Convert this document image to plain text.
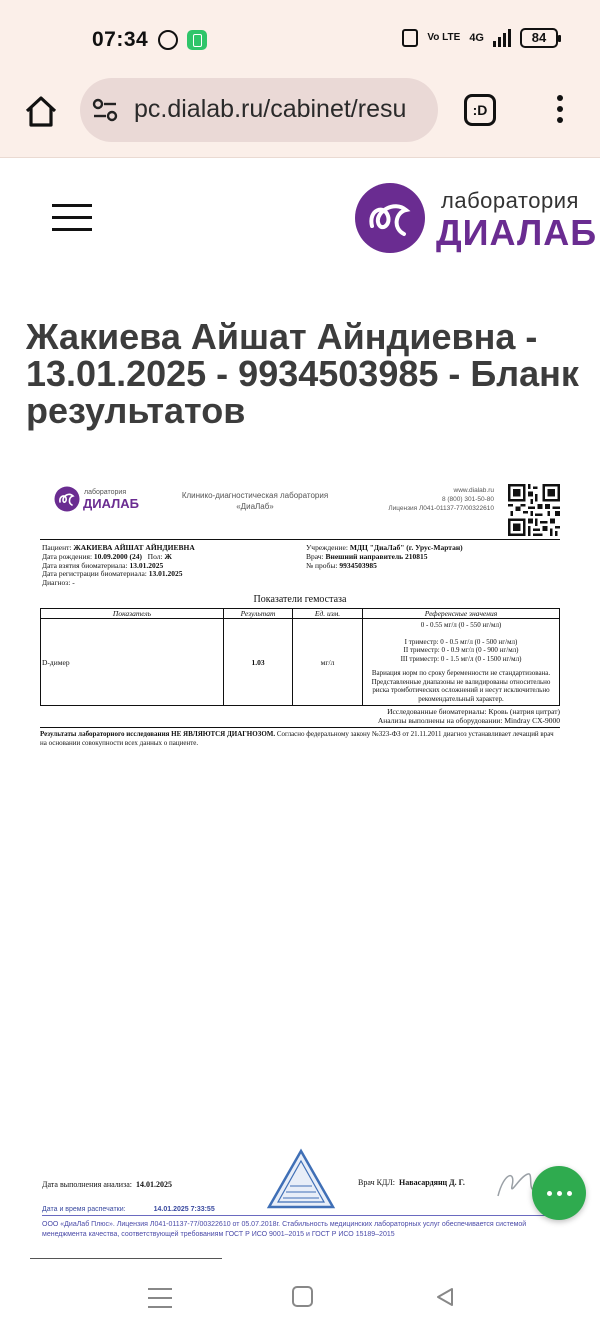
07:34	Vo LTE 4G	84
pc.dialab.ru/cabinet/resu	:D
лаборатория
ДИАЛАБ
Жакиева Айшат Айндиевна - 13.01.2025 - 9934503985 - Бланк результатов
лаборатория
ДИАЛАБ
Клинико-диагностическая лаборатория
«ДиаЛаб»
www.dialab.ru
8 (800) 301-50-80
Лицензия Л041-01137-77/00322610
Пациент: ЖАКИЕВА АЙШАТ АЙНДИЕВНА
Дата рождения: 10.09.2000 (24) Пол: Ж
Дата взятия биоматериала: 13.01.2025
Дата регистрации биоматериала: 13.01.2025
Диагноз: -
Учреждение: МДЦ "ДиаЛаб" (г. Урус-Мартан)
Врач: Внешний направитель 210815
№ пробы: 9934503985
Показатели гемостаза
Показатель	Результат	Ед. изм.	Референсные значения
D-димер	1.03	мг/л	0 - 0.55 мг/л (0 - 550 нг/мл)
I триместр: 0 - 0.5 мг/л (0 - 500 нг/мл)
II триместр: 0 - 0.9 мг/л (0 - 900 нг/мл)
III триместр: 0 - 1.5 мг/л (0 - 1500 нг/мл)
Вариация норм по сроку беременности не стандартизована. Представленные диапазоны не валидированы относительно риска тромботических осложнений и несут исключительно рекомендательный характер.
Исследованные биоматериалы: Кровь (натрия цитрат)
Анализы выполнены на оборудовании: Mindray CX-9000
Результаты лабораторного исследования НЕ ЯВЛЯЮТСЯ ДИАГНОЗОМ. Согласно федеральному закону №323-ФЗ от 21.11.2011 диагноз устанавливает лечащий врач на основании совокупности всех данных о пациенте.
Дата выполнения анализа: 14.01.2025	Врач КДЛ: Навасардянц Д. Г.
Дата и время распечатки:	14.01.2025 7:33:55
ООО «ДиаЛаб Плюс». Лицензия Л041-01137-77/00322610 от 05.07.2018г. Стабильность медицинских лабораторных услуг обеспечивается системой менеджмента качества, соответствующей требованиям ГОСТ Р ИСО 9001–2015 и ГОСТ Р ИСО 15189–2015
